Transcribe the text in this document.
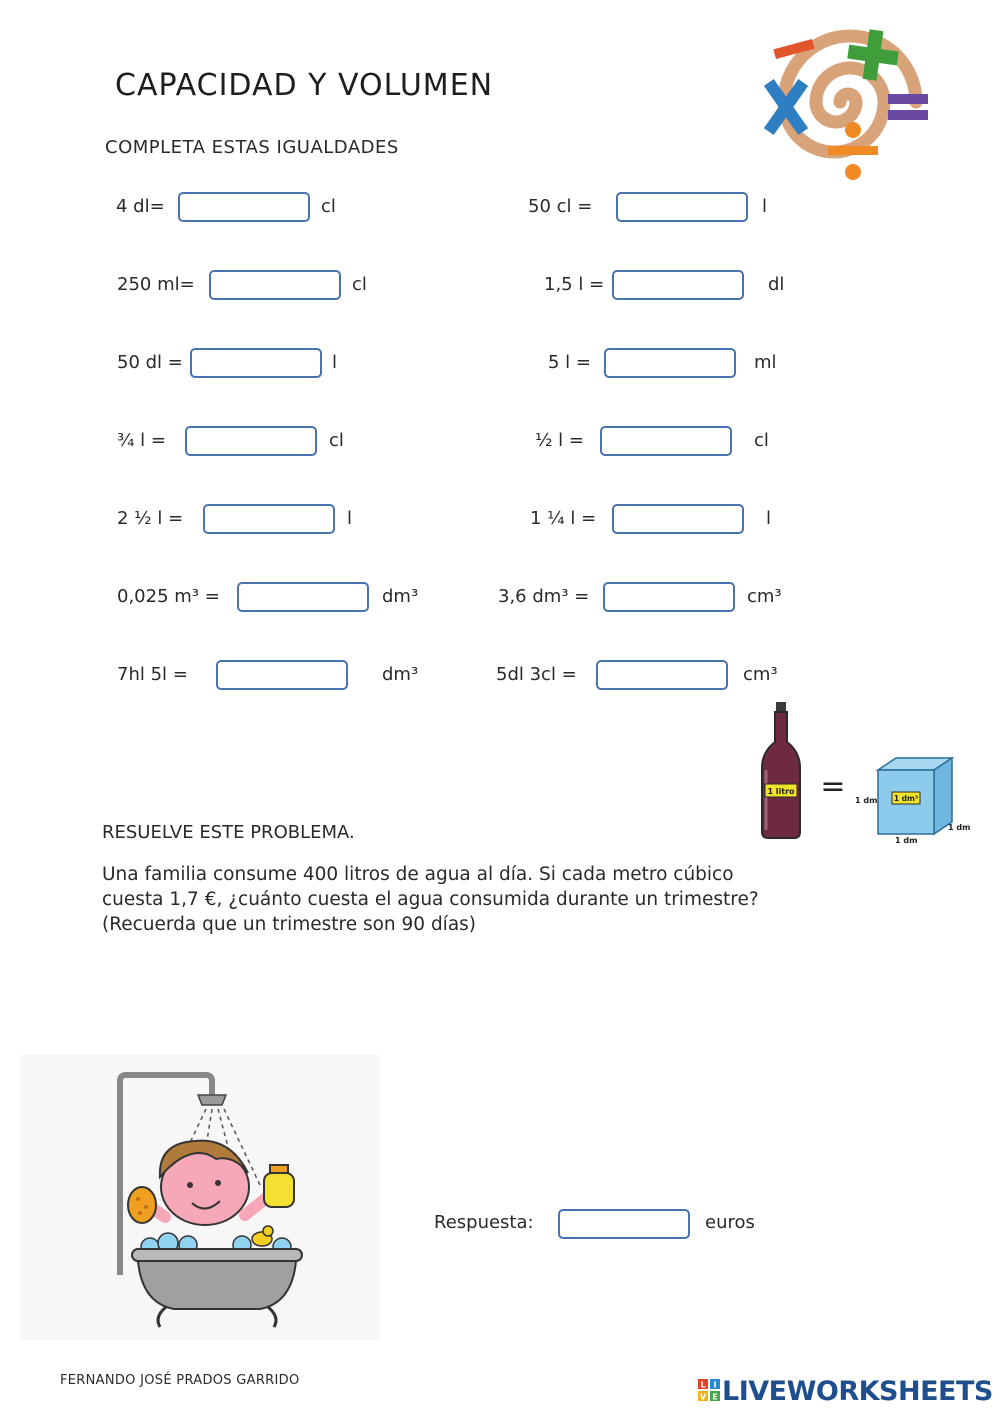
CAPACIDAD Y VOLUMEN
COMPLETA ESTAS IGUALDADES
4 dl=	cl	50 cl =	l
250 ml=	cl	1,5 l =	dl
50 dl =	l	5 l =	ml
¾ l =	cl	½ l =	cl
2 ½ l =	l	1 ¼ l =	l
0,025 m³ =	dm³	3,6 dm³ =	cm³
7hl 5l =	dm³	5dl 3cl =	cm³
1 litro =	1 dm³
1 dm
1 dm
1 dm
RESUELVE ESTE PROBLEMA.
Una familia consume 400 litros de agua al día. Si cada metro cúbico
cuesta 1,7 €, ¿cuánto cuesta el agua consumida durante un trimestre?
(Recuerda que un trimestre son 90 días)
Respuesta:	euros
FERNANDO JOSÉ PRADOS GARRIDO	L I
V E LIVEWORKSHEETS
